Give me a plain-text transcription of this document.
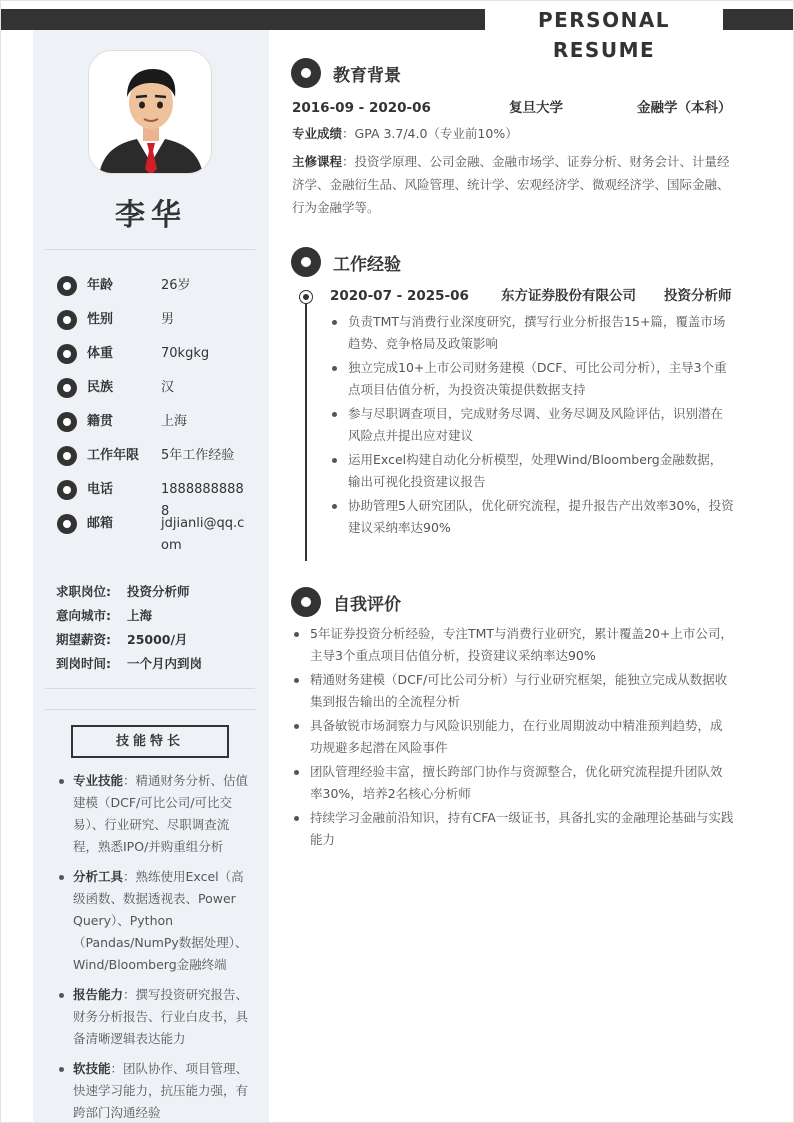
PERSONAL RESUME
李华
年龄	26岁
性别	男
体重	70kgkg
民族	汉
籍贯	上海
工作年限	5年工作经验
电话	18888888888
邮箱	jdjianli@qq.com
求职岗位:	投资分析师
意向城市:	上海
期望薪资:	25000/月
到岗时间:	一个月内到岗
技能特长
专业技能：精通财务分析、估值建模（DCF/可比公司/可比交易）、行业研究、尽职调查流程，熟悉IPO/并购重组分析
分析工具：熟练使用Excel（高级函数、数据透视表、Power Query）、Python（Pandas/NumPy数据处理）、Wind/Bloomberg金融终端
报告能力：撰写投资研究报告、财务分析报告、行业白皮书，具备清晰逻辑表达能力
软技能：团队协作、项目管理、快速学习能力，抗压能力强，有跨部门沟通经验
教育背景
2016-09 - 2020-06	复旦大学	金融学（本科）
专业成绩：GPA 3.7/4.0（专业前10%）
主修课程：投资学原理、公司金融、金融市场学、证券分析、财务会计、计量经济学、金融衍生品、风险管理、统计学、宏观经济学、微观经济学、国际金融、行为金融学等。
工作经验
2020-07 - 2025-06 东方证券股份有限公司 投资分析师
负责TMT与消费行业深度研究，撰写行业分析报告15+篇，覆盖市场趋势、竞争格局及政策影响
独立完成10+上市公司财务建模（DCF、可比公司分析），主导3个重点项目估值分析，为投资决策提供数据支持
参与尽职调查项目，完成财务尽调、业务尽调及风险评估，识别潜在风险点并提出应对建议
运用Excel构建自动化分析模型，处理Wind/Bloomberg金融数据，输出可视化投资建议报告
协助管理5人研究团队，优化研究流程，提升报告产出效率30%，投资建议采纳率达90%
自我评价
5年证券投资分析经验，专注TMT与消费行业研究，累计覆盖20+上市公司，主导3个重点项目估值分析，投资建议采纳率达90%
精通财务建模（DCF/可比公司分析）与行业研究框架，能独立完成从数据收集到报告输出的全流程分析
具备敏锐市场洞察力与风险识别能力，在行业周期波动中精准预判趋势，成功规避多起潜在风险事件
团队管理经验丰富，擅长跨部门协作与资源整合，优化研究流程提升团队效率30%，培养2名核心分析师
持续学习金融前沿知识，持有CFA一级证书，具备扎实的金融理论基础与实践能力
